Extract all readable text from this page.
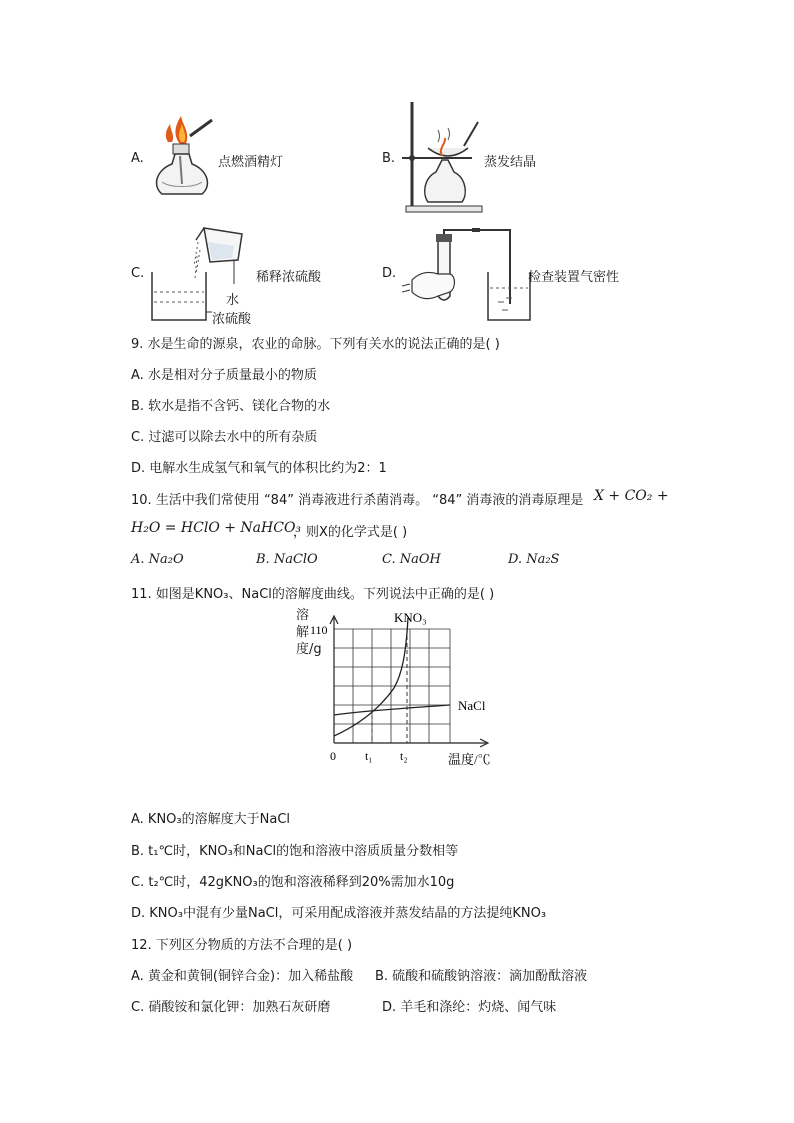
A.	点燃酒精灯	B.	蒸发结晶
C.	稀释浓硫酸
水
浓硫酸
D.	检查装置气密性
9. 水是生命的源泉，农业的命脉。下列有关水的说法正确的是( )
A. 水是相对分子质量最小的物质
B. 软水是指不含钙、镁化合物的水
C. 过滤可以除去水中的所有杂质
D. 电解水生成氢气和氧气的体积比约为2：1
10. 生活中我们常使用 “84” 消毒液进行杀菌消毒。 “84” 消毒液的消毒原理是 X + CO₂ +
H₂O = HClO + NaHCO₃
，则X的化学式是( )
A. Na₂O	B. NaClO	C. NaOH	D. Na₂S
11. 如图是KNO₃、NaCl的溶解度曲线。下列说法中正确的是( )
110
KNO₃
NaCl
0 t₁ t₂	温度/℃
溶解度/g
A. KNO₃的溶解度大于NaCl
B. t₁℃时，KNO₃和NaCl的饱和溶液中溶质质量分数相等
C. t₂℃时，42gKNO₃的饱和溶液稀释到20%需加水10g
D. KNO₃中混有少量NaCl，可采用配成溶液并蒸发结晶的方法提纯KNO₃
12. 下列区分物质的方法不合理的是( )
A. 黄金和黄铜(铜锌合金)：加入稀盐酸 B. 硫酸和硫酸钠溶液：滴加酚酞溶液
C. 硝酸铵和氯化钾：加熟石灰研磨	D. 羊毛和涤纶：灼烧、闻气味
